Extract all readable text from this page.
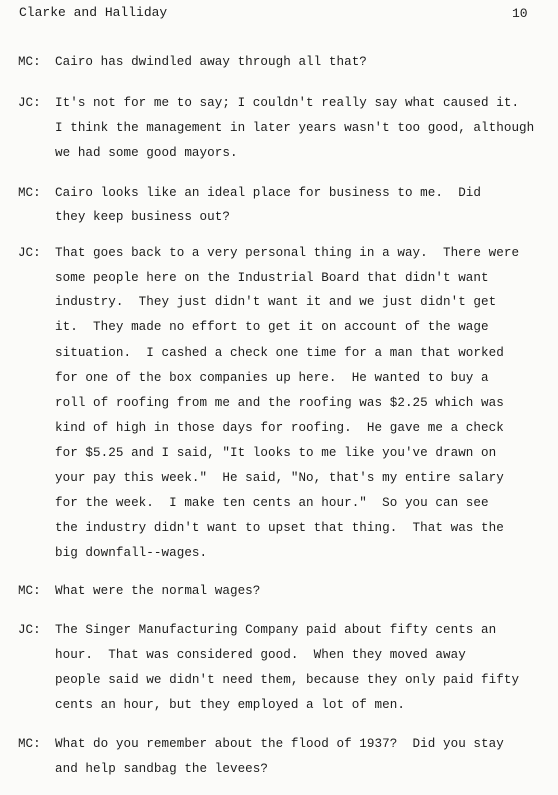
Clarke and Halliday	10
MC: Cairo has dwindled away through all that?
JC: It's not for me to say; I couldn't really say what caused it.
I think the management in later years wasn't too good, although
we had some good mayors.
MC: Cairo looks like an ideal place for business to me.  Did
they keep business out?
JC: That goes back to a very personal thing in a way.  There were
some people here on the Industrial Board that didn't want
industry.  They just didn't want it and we just didn't get
it.  They made no effort to get it on account of the wage
situation.  I cashed a check one time for a man that worked
for one of the box companies up here.  He wanted to buy a
roll of roofing from me and the roofing was $2.25 which was
kind of high in those days for roofing.  He gave me a check
for $5.25 and I said, "It looks to me like you've drawn on
your pay this week."  He said, "No, that's my entire salary
for the week.  I make ten cents an hour."  So you can see
the industry didn't want to upset that thing.  That was the
big downfall--wages.
MC: What were the normal wages?
JC: The Singer Manufacturing Company paid about fifty cents an
hour.  That was considered good.  When they moved away
people said we didn't need them, because they only paid fifty
cents an hour, but they employed a lot of men.
MC: What do you remember about the flood of 1937?  Did you stay
and help sandbag the levees?
